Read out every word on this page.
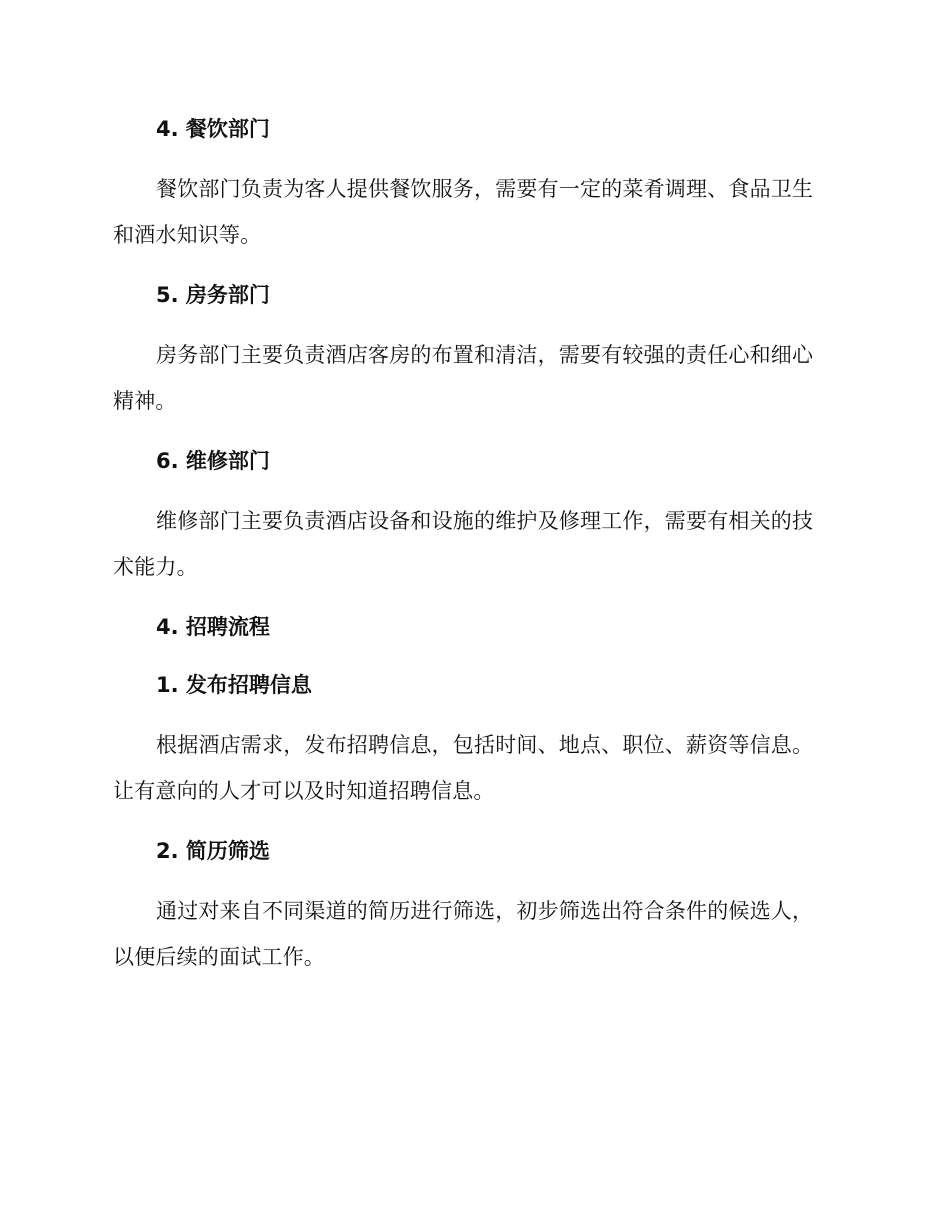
4. 餐饮部门

餐饮部门负责为客人提供餐饮服务，需要有一定的菜肴调理、食品卫生和酒水知识等。

5. 房务部门

房务部门主要负责酒店客房的布置和清洁，需要有较强的责任心和细心精神。

6. 维修部门

维修部门主要负责酒店设备和设施的维护及修理工作，需要有相关的技术能力。

4. 招聘流程
1. 发布招聘信息

根据酒店需求，发布招聘信息，包括时间、地点、职位、薪资等信息。让有意向的人才可以及时知道招聘信息。

2. 简历筛选

通过对来自不同渠道的简历进行筛选，初步筛选出符合条件的候选人，以便后续的面试工作。
